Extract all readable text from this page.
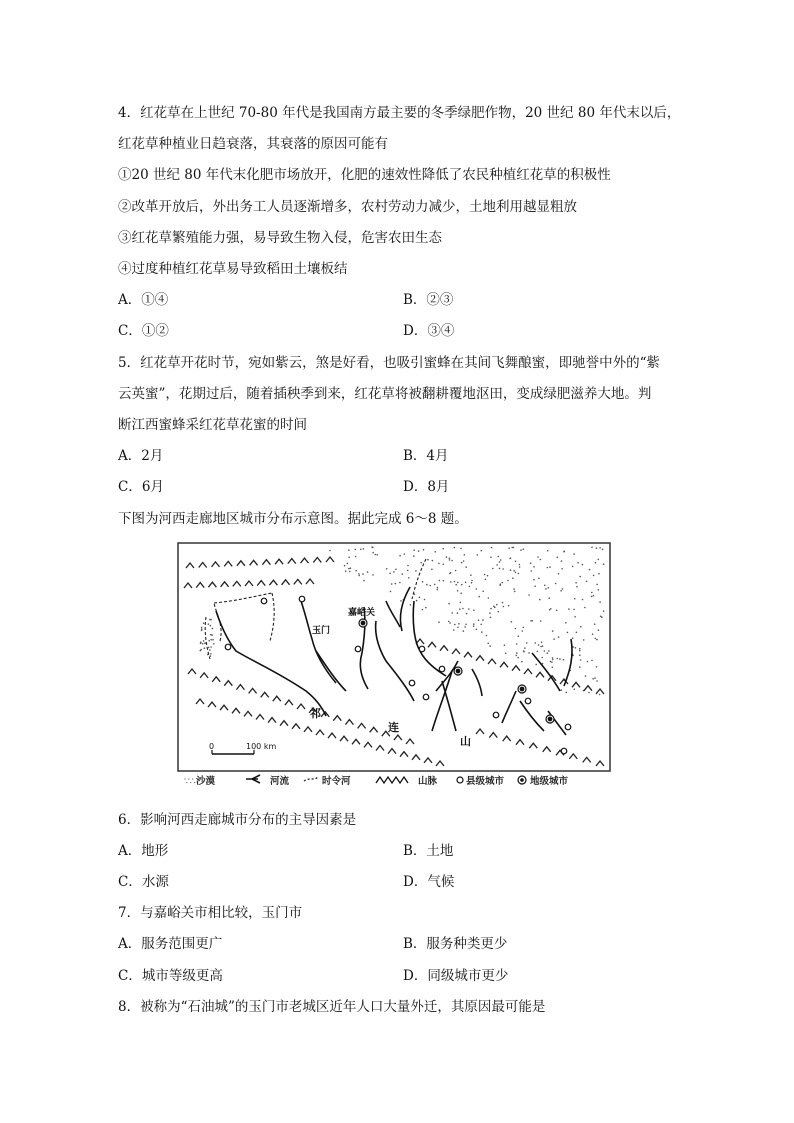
4．红花草在上世纪 70-80 年代是我国南方最主要的冬季绿肥作物，20 世纪 80 年代末以后，
红花草种植业日趋衰落，其衰落的原因可能有
①20 世纪 80 年代末化肥市场放开，化肥的速效性降低了农民种植红花草的积极性
②改革开放后，外出务工人员逐渐增多，农村劳动力减少，土地利用越显粗放
③红花草繁殖能力强，易导致生物入侵，危害农田生态
④过度种植红花草易导致稻田土壤板结
A．①④	B．②③
C．①②	D．③④
5．红花草开花时节，宛如紫云，煞是好看，也吸引蜜蜂在其间飞舞酿蜜，即驰誉中外的“紫
云英蜜”，花期过后，随着插秧季到来，红花草将被翻耕覆地沤田，变成绿肥滋养大地。判
断江西蜜蜂采红花草花蜜的时间
A．2月	B．4月
C．6月	D．8月
下图为河西走廊地区城市分布示意图。据此完成 6～8 题。
玉门
嘉峪关
祁
连
山
0	100 km
∵∴ 沙漠	河流	时令河	山脉	县级城市	地级城市
6．影响河西走廊城市分布的主导因素是
A．地形	B．土地
C．水源	D．气候
7．与嘉峪关市相比较，玉门市
A．服务范围更广	B．服务种类更少
C．城市等级更高	D．同级城市更少
8．被称为“石油城”的玉门市老城区近年人口大量外迁，其原因最可能是
